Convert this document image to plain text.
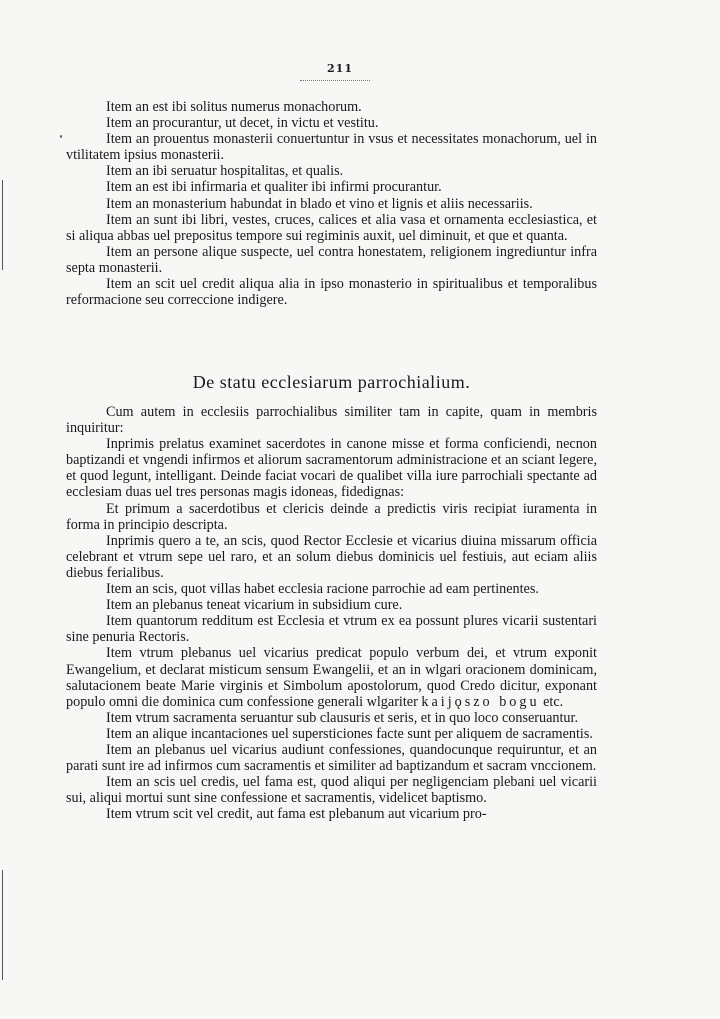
211

Item an est ibi solitus numerus monachorum.

Item an procurantur, ut decet, in victu et vestitu.

Item an prouentus monasterii conuertuntur in vsus et necessitates monachorum, uel in vtilitatem ipsius monasterii.

Item an ibi seruatur hospitalitas, et qualis.

Item an est ibi infirmaria et qualiter ibi infirmi procurantur.

Item an monasterium habundat in blado et vino et lignis et aliis necessariis.

Item an sunt ibi libri, vestes, cruces, calices et alia vasa et ornamenta ecclesiastica, et si aliqua abbas uel prepositus tempore sui regiminis auxit, uel diminuit, et que et quanta.

Item an persone alique suspecte, uel contra honestatem, religionem ingrediuntur infra septa monasterii.

Item an scit uel credit aliqua alia in ipso monasterio in spiritualibus et temporalibus reformacione seu correccione indigere.

De statu ecclesiarum parrochialium.

Cum autem in ecclesiis parrochialibus similiter tam in capite, quam in membris inquiritur:

Inprimis prelatus examinet sacerdotes in canone misse et forma conficiendi, necnon baptizandi et vngendi infirmos et aliorum sacramentorum administracione et an sciant legere, et quod legunt, intelligant. Deinde faciat vocari de qualibet villa iure parrochiali spectante ad ecclesiam duas uel tres personas magis idoneas, fidedignas:

Et primum a sacerdotibus et clericis deinde a predictis viris recipiat iuramenta in forma in principio descripta.

Inprimis quero a te, an scis, quod Rector Ecclesie et vicarius diuina missarum officia celebrant et vtrum sepe uel raro, et an solum diebus dominicis uel festiuis, aut eciam aliis diebus ferialibus.

Item an scis, quot villas habet ecclesia racione parrochie ad eam pertinentes.

Item an plebanus teneat vicarium in subsidium cure.

Item quantorum redditum est Ecclesia et vtrum ex ea possunt plures vicarii sustentari sine penuria Rectoris.

Item vtrum plebanus uel vicarius predicat populo verbum dei, et vtrum exponit Ewangelium, et declarat misticum sensum Ewangelii, et an in wlgari oracionem dominicam, salutacionem beate Marie virginis et Simbolum apostolorum, quod Credo dicitur, exponant populo omni die dominica cum confessione generali wlgariter kaijǫszo bogu etc.

Item vtrum sacramenta seruantur sub clausuris et seris, et in quo loco conseruantur.

Item an alique incantaciones uel supersticiones facte sunt per aliquem de sacramentis.

Item an plebanus uel vicarius audiunt confessiones, quandocunque requiruntur, et an parati sunt ire ad infirmos cum sacramentis et similiter ad baptizandum et sacram vnccionem.

Item an scis uel credis, uel fama est, quod aliqui per negligenciam plebani uel vicarii sui, aliqui mortui sunt sine confessione et sacramentis, videlicet baptismo.

Item vtrum scit vel credit, aut fama est plebanum aut vicarium pro-
